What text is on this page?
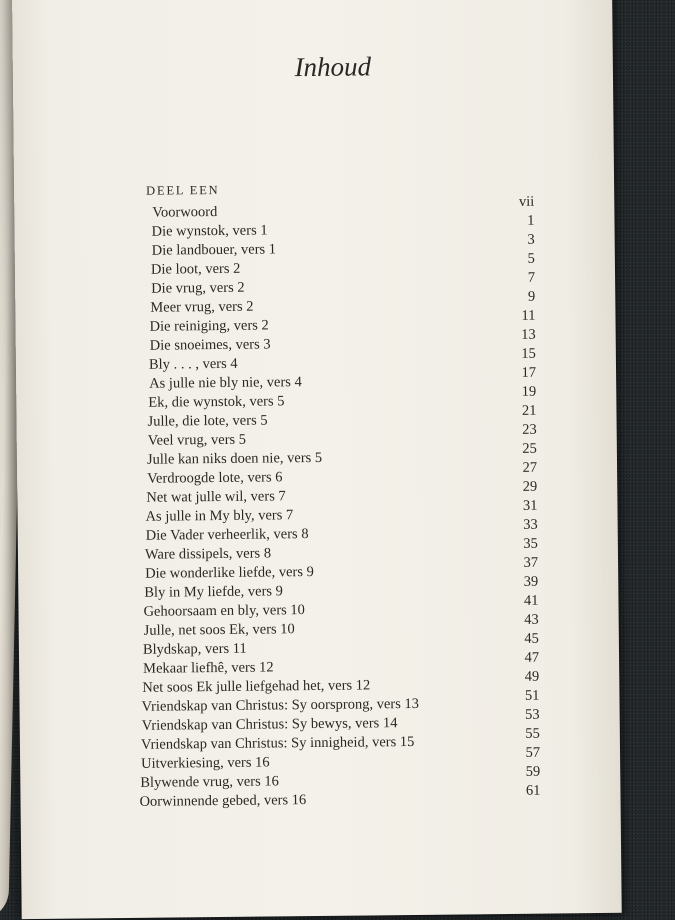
Inhoud
DEEL EEN
Voorwoord
vii
Die wynstok, vers 1
1
Die landbouer, vers 1
3
Die loot, vers 2
5
Die vrug, vers 2
7
Meer vrug, vers 2
9
Die reiniging, vers 2
11
Die snoeimes, vers 3
13
Bly . . . , vers 4
15
As julle nie bly nie, vers 4
17
Ek, die wynstok, vers 5
19
Julle, die lote, vers 5
21
Veel vrug, vers 5
23
Julle kan niks doen nie, vers 5
25
Verdroogde lote, vers 6
27
Net wat julle wil, vers 7
29
As julle in My bly, vers 7
31
Die Vader verheerlik, vers 8
33
Ware dissipels, vers 8
35
Die wonderlike liefde, vers 9
37
Bly in My liefde, vers 9
39
Gehoorsaam en bly, vers 10
41
Julle, net soos Ek, vers 10
43
Blydskap, vers 11
45
Mekaar liefhê, vers 12
47
Net soos Ek julle liefgehad het, vers 12
49
Vriendskap van Christus: Sy oorsprong, vers 13
51
Vriendskap van Christus: Sy bewys, vers 14
53
Vriendskap van Christus: Sy innigheid, vers 15
55
Uitverkiesing, vers 16
57
Blywende vrug, vers 16
59
Oorwinnende gebed, vers 16
61
